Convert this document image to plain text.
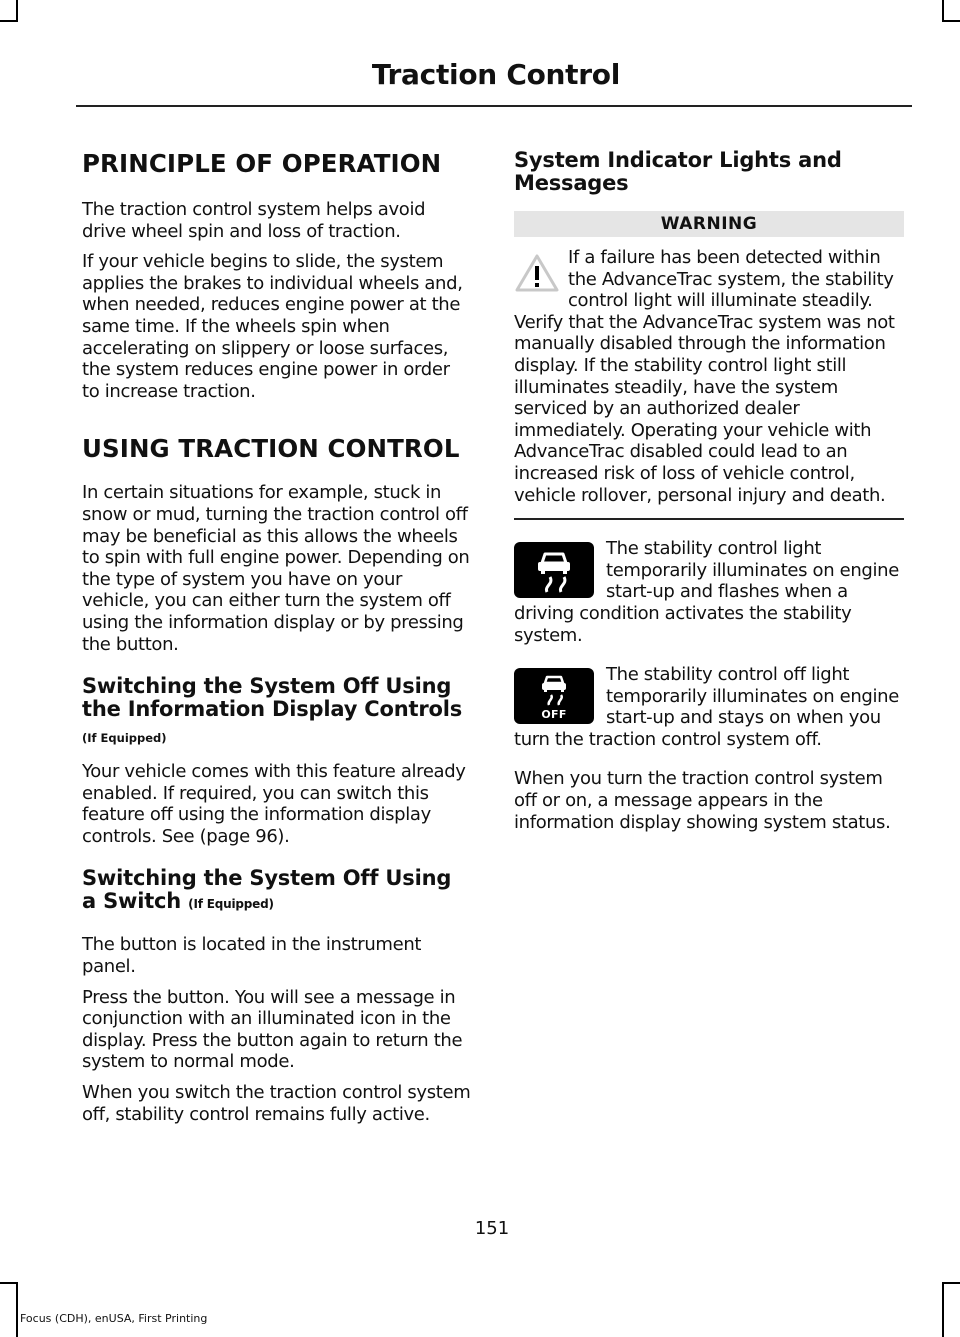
Traction Control
PRINCIPLE OF OPERATION

The traction control system helps avoid drive wheel spin and loss of traction.

If your vehicle begins to slide, the system applies the brakes to individual wheels and, when needed, reduces engine power at the same time. If the wheels spin when accelerating on slippery or loose surfaces, the system reduces engine power in order to increase traction.

USING TRACTION CONTROL

In certain situations for example, stuck in snow or mud, turning the traction control off may be beneficial as this allows the wheels to spin with full engine power. Depending on the type of system you have on your vehicle, you can either turn the system off using the information display or by pressing the button.

Switching the System Off Using the Information Display Controls
(If Equipped)

Your vehicle comes with this feature already enabled. If required, you can switch this feature off using the information display controls. See (page 96).

Switching the System Off Using a Switch (If Equipped)

The button is located in the instrument panel.

Press the button. You will see a message in conjunction with an illuminated icon in the display. Press the button again to return the system to normal mode.

When you switch the traction control system off, stability control remains fully active.

System Indicator Lights and Messages
WARNING

If a failure has been detected within the AdvanceTrac system, the stability control light will illuminate steadily. Verify that the AdvanceTrac system was not manually disabled through the information display. If the stability control light still illuminates steadily, have the system serviced by an authorized dealer immediately. Operating your vehicle with AdvanceTrac disabled could lead to an increased risk of loss of vehicle control, vehicle rollover, personal injury and death.

The stability control light temporarily illuminates on engine start-up and flashes when a driving condition activates the stability system.

OFF

The stability control off light temporarily illuminates on engine start-up and stays on when you turn the traction control system off.

When you turn the traction control system off or on, a message appears in the information display showing system status.

151
Focus (CDH), enUSA, First Printing
